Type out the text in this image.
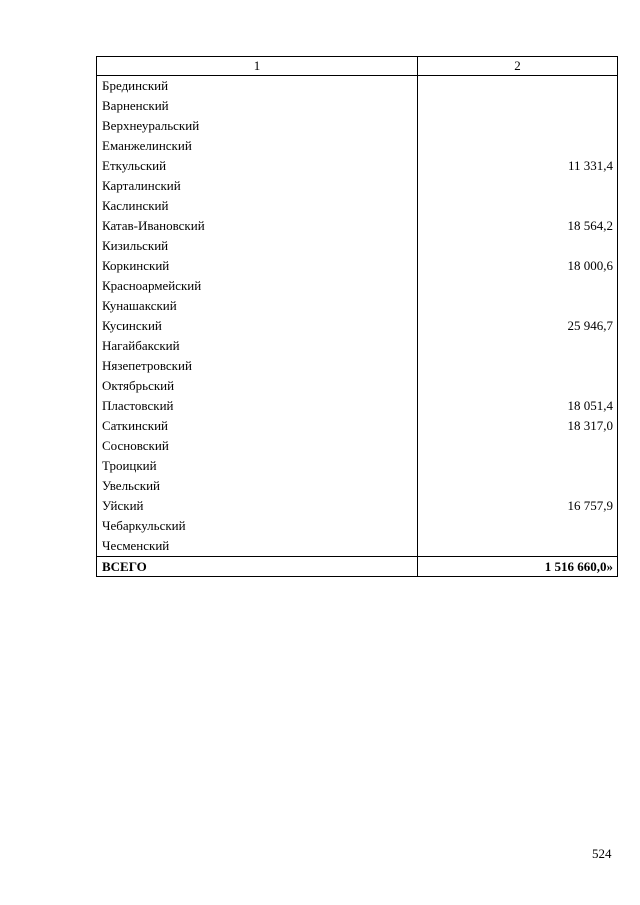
1	2
Брединский	
Варненский	
Верхнеуральский	
Еманжелинский	
Еткульский	11 331,4
Карталинский	
Каслинский	
Катав-Ивановский	18 564,2
Кизильский	
Коркинский	18 000,6
Красноармейский	
Кунашакский	
Кусинский	25 946,7
Нагайбакский	
Нязепетровский	
Октябрьский	
Пластовский	18 051,4
Саткинский	18 317,0
Сосновский	
Троицкий	
Увельский	
Уйский	16 757,9
Чебаркульский	
Чесменский	
ВСЕГО	1 516 660,0»
524
